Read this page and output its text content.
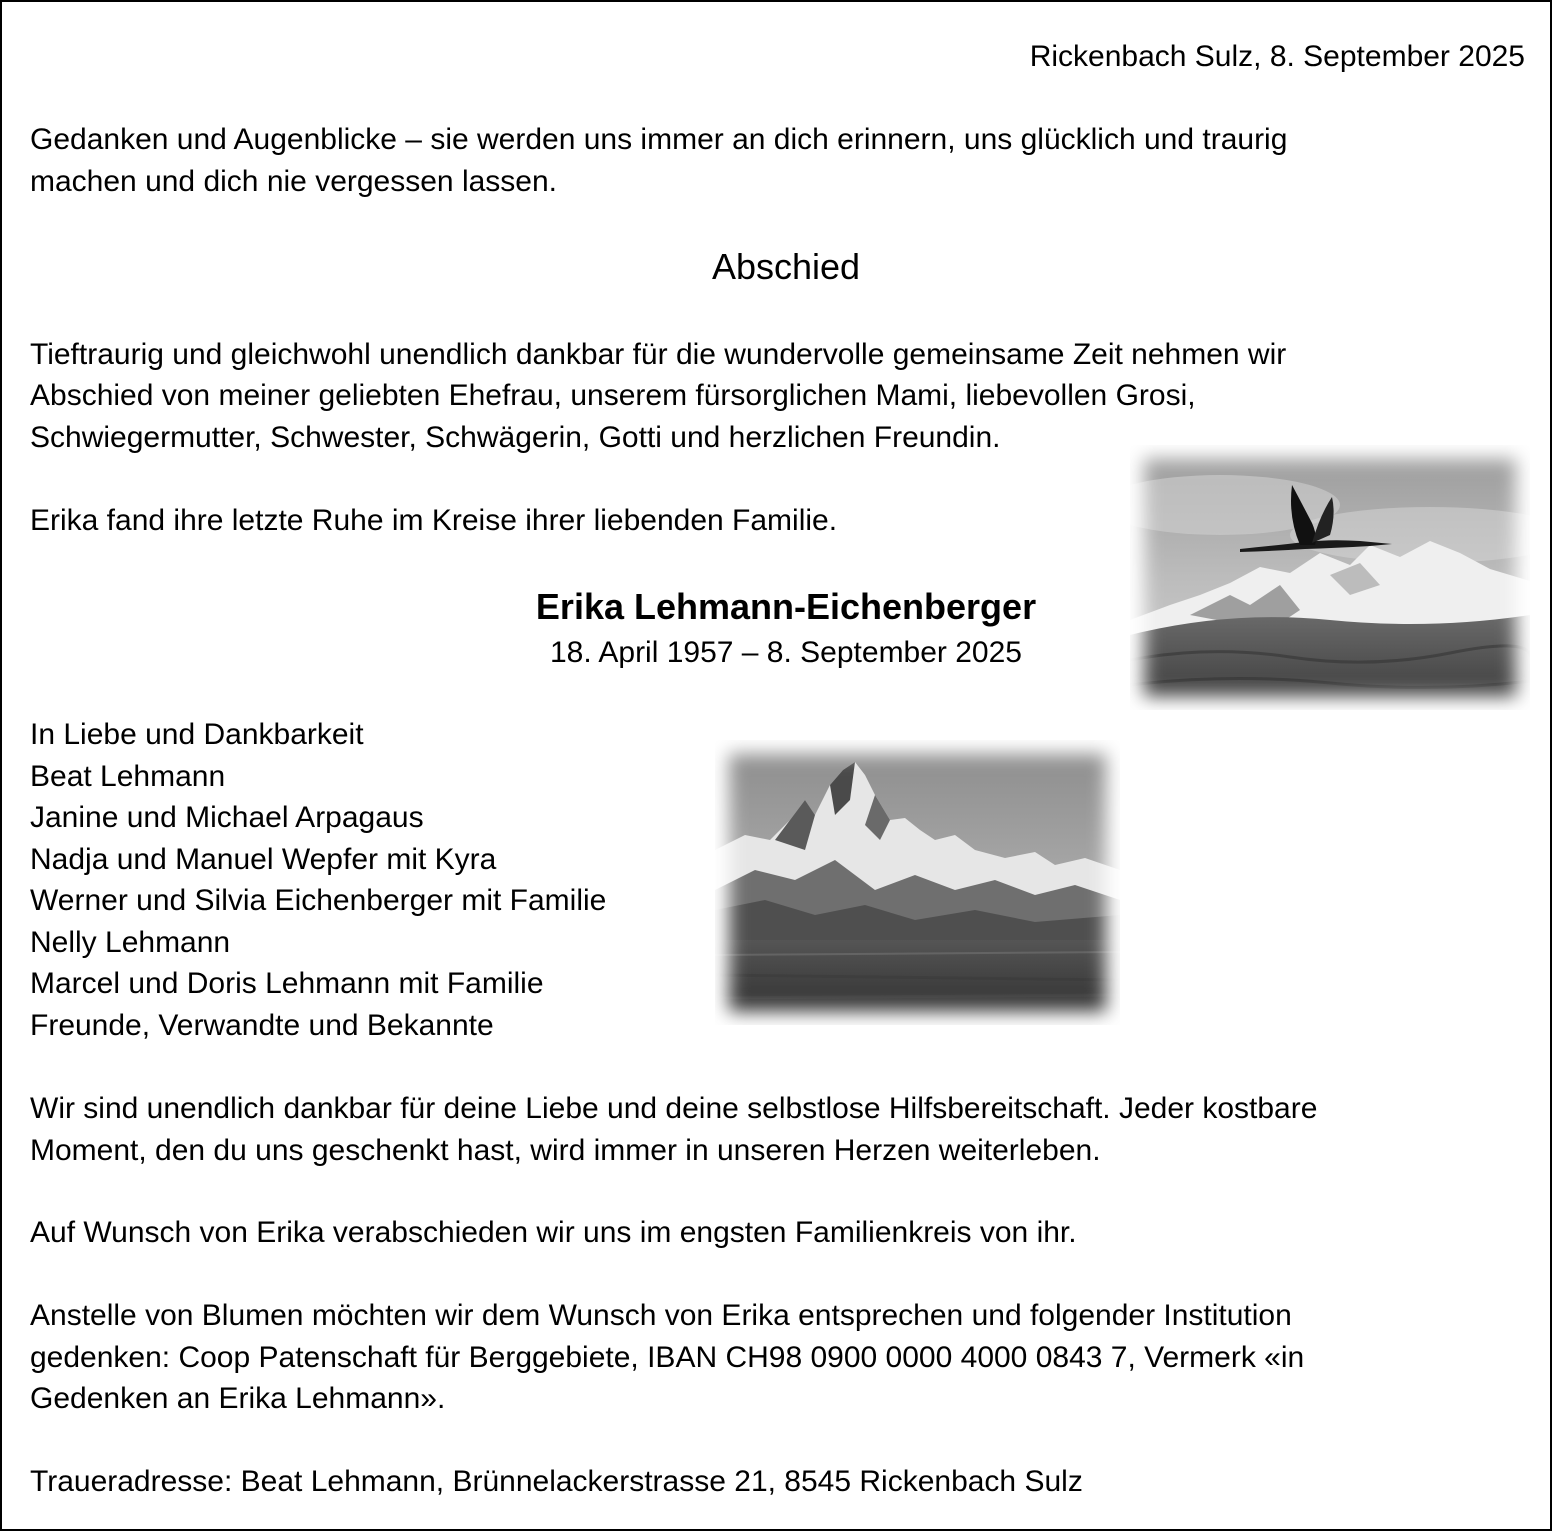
Rickenbach Sulz, 8. September 2025

Gedanken und Augenblicke – sie werden uns immer an dich erinnern, uns glücklich und traurig

machen und dich nie vergessen lassen.

Abschied

Tieftraurig und gleichwohl unendlich dankbar für die wundervolle gemeinsame Zeit nehmen wir

Abschied von meiner geliebten Ehefrau, unserem fürsorglichen Mami, liebevollen Grosi,

Schwiegermutter, Schwester, Schwägerin, Gotti und herzlichen Freundin.

Erika fand ihre letzte Ruhe im Kreise ihrer liebenden Familie.

Erika Lehmann-Eichenberger

18. April 1957 – 8. September 2025

In Liebe und Dankbarkeit

Beat Lehmann

Janine und Michael Arpagaus

Nadja und Manuel Wepfer mit Kyra

Werner und Silvia Eichenberger mit Familie

Nelly Lehmann

Marcel und Doris Lehmann mit Familie

Freunde, Verwandte und Bekannte

Wir sind unendlich dankbar für deine Liebe und deine selbstlose Hilfsbereitschaft. Jeder kostbare

Moment, den du uns geschenkt hast, wird immer in unseren Herzen weiterleben.

Auf Wunsch von Erika verabschieden wir uns im engsten Familienkreis von ihr.

Anstelle von Blumen möchten wir dem Wunsch von Erika entsprechen und folgender Institution

gedenken: Coop Patenschaft für Berggebiete, IBAN CH98 0900 0000 4000 0843 7, Vermerk «in

Gedenken an Erika Lehmann».

Traueradresse: Beat Lehmann, Brünnelackerstrasse 21, 8545 Rickenbach Sulz
